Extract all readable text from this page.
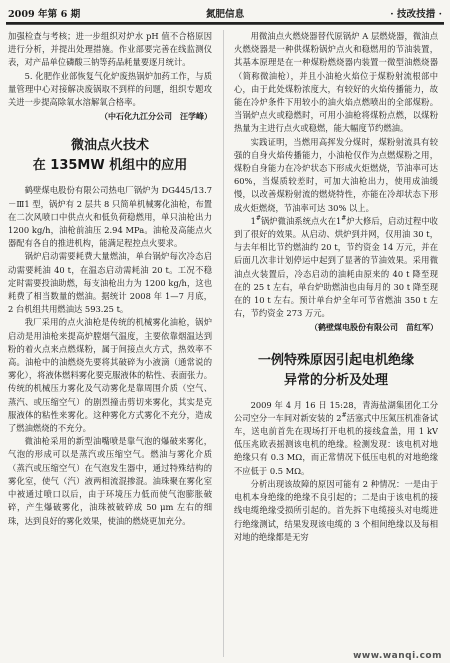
2009 年第 6 期	氮肥信息	· 技改技措 ·

加强检查与考核；进一步组织对炉水 pH 值不合格原因进行分析，并提出处理措施。作业部要完善在线监测仪表，对产品单位磷酸三钠等药品耗量要逐月统计。

5. 化肥作业部恢复气化炉废热锅炉加药工作，与质量管理中心对接解决废锅取不到样的问题，组织专题攻关进一步提高除氧水溶解氧合格率。

（中石化九江分公司　汪学峰）
微油点火技术
在 135MW 机组中的应用

鹤壁煤电股份有限公司热电厂锅炉为 DG445/13.7－Ⅲ1 型，锅炉有 2 层共 8 只简单机械雾化油枪，布置在二次风喷口中供点火和低负荷稳燃用，单只油枪出力 1200 kg/h，油枪前油压 2.94 MPa。油枪及高能点火器配有各自的推进机构，能满足程控点火要求。

锅炉启动需要耗费大量燃油，单台锅炉每次冷态启动需要耗油 40 t，在温态启动需耗油 20 t。工况不稳定时需要投油助燃，每支油枪出力为 1200 kg/h，这也耗费了相当数量的燃油。据统计 2008 年 1—7 月底，2 台机组共用燃油达 593.25 t。

我厂采用的点火油枪是传统的机械雾化油枪，锅炉启动是用油枪来提高炉膛烟气温度，主要依靠烟温达到粉的着火点来点燃煤粉，属于间接点火方式，热效率不高。油枪中的油燃烧先要将其破碎为小液滴（通常说的雾化），将液体燃料雾化要克服液体的粘性、表面张力。传统的机械压力雾化及气动雾化是靠周围介质（空气、蒸汽、或压缩空气）的剧烈撞击剪切来雾化，其实是克服液体的粘性来雾化。这种雾化方式雾化不充分，造成了燃油燃烧的不充分。

微油枪采用的新型油嘴喷是靠气泡的爆破来雾化，气泡的形成可以是蒸汽或压缩空气。燃油与雾化介质（蒸汽或压缩空气）在气泡发生器中，通过特殊结构的雾化室，使气（汽）液两相流混掺混。油珠聚在雾化室中被通过喷口以后，由于环境压力低而使气泡膨胀破碎，产生爆破雾化，油珠被破碎成 50 μm 左右的细珠，达到良好的雾化效果，使油的燃烧更加充分。

用微油点火燃烧器替代原锅炉 A 层燃烧器，微油点火燃烧器是一种供煤粉锅炉点火和稳燃用的节油装置，其基本原理是在一种煤粉燃烧器内装置一微型油燃烧器（简称微油枪），并且小油枪火焰位于煤粉射流根部中心，由于此处煤粉浓度大，有较好的火焰传播能力，故能在冷炉条件下用较小的油火焰点燃喷出的全部煤粉。当锅炉点火或稳燃时，可用小油枪将煤粉点燃，以煤粉热量为主进行点火或稳燃，能大幅度节约燃油。

实践证明，当燃用高挥发分煤时，煤粉射流具有较强的自身火焰传播能力，小油枪仅作为点燃煤粉之用，煤粉自身能力在冷炉状态下形成火炬燃烧，节油率可达 60%，当煤质较差时，可加大油枪出力，使用成油缓慢，以改善煤粉射流的燃烧特性，亦能在冷却状态下形成火炬燃烧，节油率可达 30% 以上。

1#锅炉微油系统点火在1#炉大修后，启动过程中收到了很好的效果。从启动、烘炉到并网，仅用油 30 t，与去年相比节约燃油约 20 t，节约资金 14 万元，并在后面几次非计划停运中起到了显著的节油效果。采用微油点火装置后，冷态启动的油耗由原来的 40 t 降至现在的 25 t 左右，单台炉助燃油也由每月的 30 t 降至现在的 10 t 左右。预计单台炉全年可节省燃油 350 t 左右，节约资金 273 万元。

（鹤壁煤电股份有限公司　苗红军）
一例特殊原因引起电机绝缘
异常的分析及处理

2009 年 4 月 16 日 15:28，青海盐湖集团化工分公司空分一车间对新安装的 2#活塞式中压氮压机准备试车，送电前首先在现场打开电机的接线盒盖，用 1 kV 低压兆欧表摇测该电机的绝缘。检测发现：该电机对地绝缘只有 0.3 MΩ，而正常情况下低压电机的对地绝缘不应低于 0.5 MΩ。

分析出现该故障的原因可能有 2 种情况：一是由于电机本身绝缘的绝缘不良引起的；二是由于该电机的接线电缆绝缘受损所引起的。首先拆下电缆接头对电缆进行绝缘测试，结果发现该电缆的 3 个相间绝缘以及每相对地的绝缘都是无穷

www.wanqi.com
